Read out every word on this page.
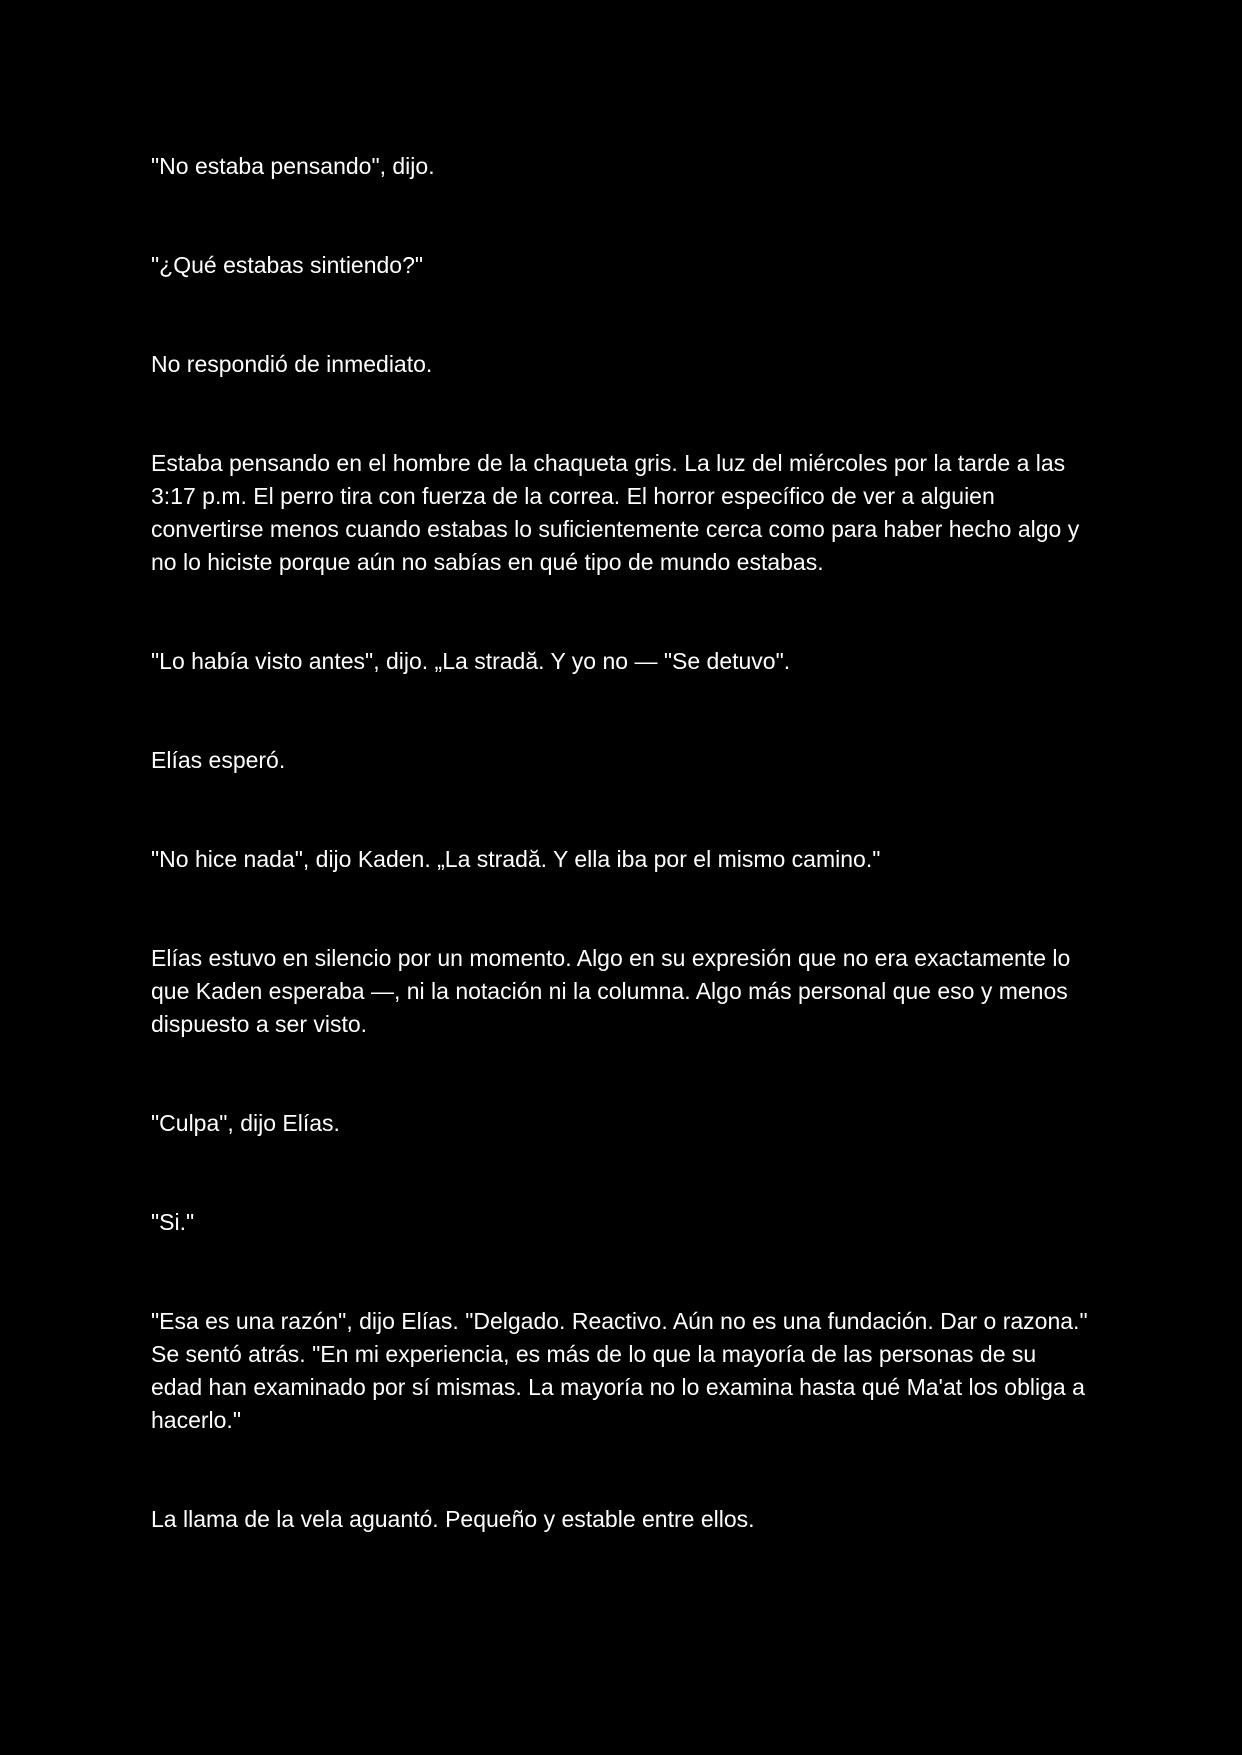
"No estaba pensando", dijo.

"¿Qué estabas sintiendo?"

No respondió de inmediato.

Estaba pensando en el hombre de la chaqueta gris. La luz del miércoles por la tarde a las 3:17 p.m. El perro tira con fuerza de la correa. El horror específico de ver a alguien convertirse menos cuando estabas lo suficientemente cerca como para haber hecho algo y no lo hiciste porque aún no sabías en qué tipo de mundo estabas.

"Lo había visto antes", dijo. „La stradă. Y yo no — "Se detuvo".

Elías esperó.

"No hice nada", dijo Kaden. „La stradă. Y ella iba por el mismo camino."

Elías estuvo en silencio por un momento. Algo en su expresión que no era exactamente lo que Kaden esperaba —, ni la notación ni la columna. Algo más personal que eso y menos dispuesto a ser visto.

"Culpa", dijo Elías.

"Si."

"Esa es una razón", dijo Elías. "Delgado. Reactivo. Aún no es una fundación. Dar o razona." Se sentó atrás. "En mi experiencia, es más de lo que la mayoría de las personas de su edad han examinado por sí mismas. La mayoría no lo examina hasta qué Ma'at los obliga a hacerlo."

La llama de la vela aguantó. Pequeño y estable entre ellos.
